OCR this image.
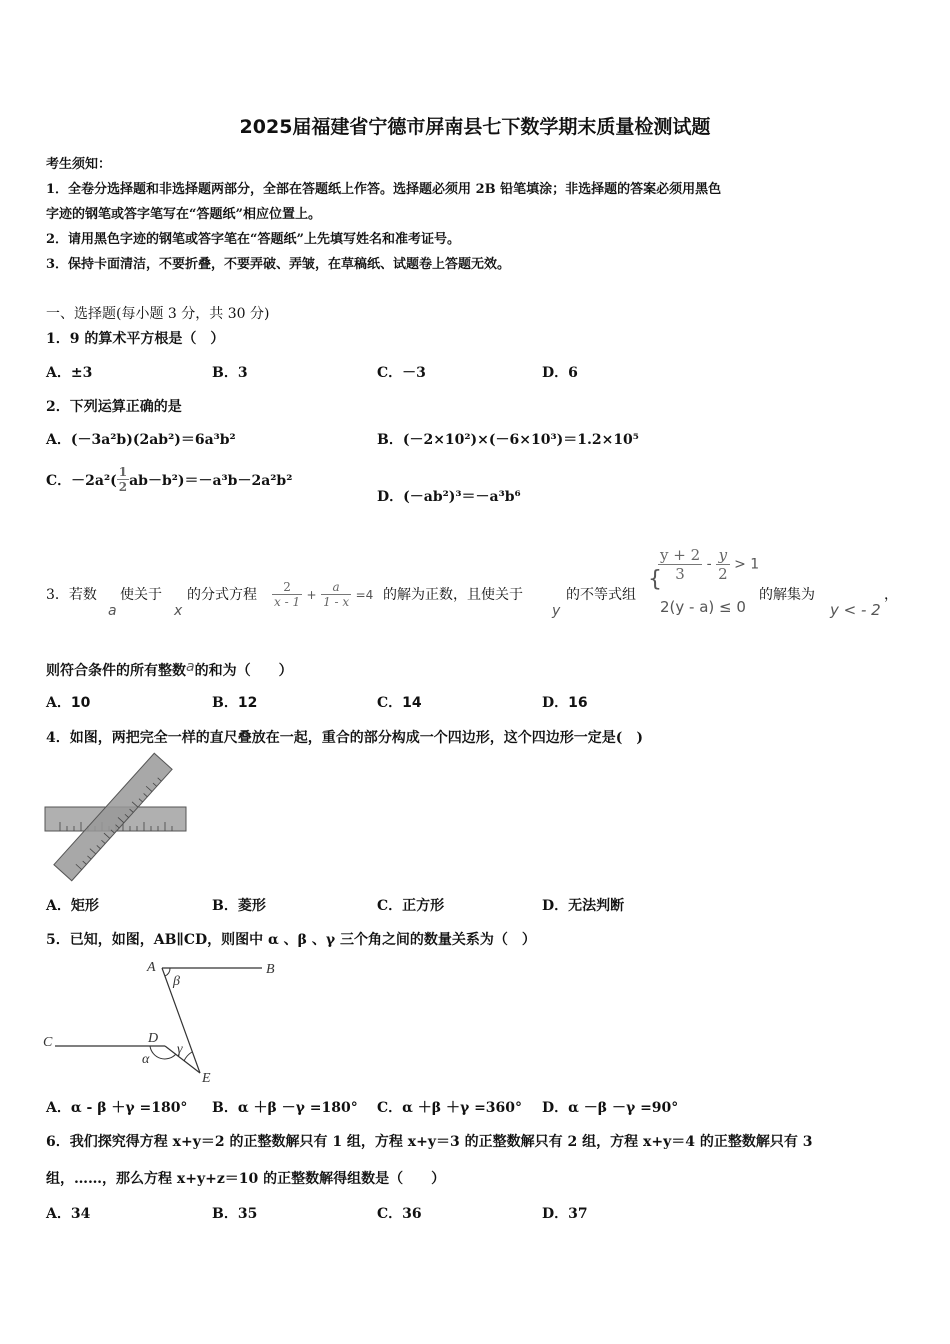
2025届福建省宁德市屏南县七下数学期末质量检测试题
考生须知：
1．全卷分选择题和非选择题两部分，全部在答题纸上作答。选择题必须用 2B 铅笔填涂；非选择题的答案必须用黑色
字迹的钢笔或答字笔写在“答题纸”相应位置上。
2．请用黑色字迹的钢笔或答字笔在“答题纸”上先填写姓名和准考证号。
3．保持卡面清洁，不要折叠，不要弄破、弄皱，在草稿纸、试题卷上答题无效。
一、选择题(每小题 3 分，共 30 分)
1．9 的算术平方根是（　）
A．±3	B．3	C．－3	D．6
2．下列运算正确的是
A．(－3a²b)(2ab²)＝6a³b²	B．(－2×10²)×(－6×10³)＝1.2×10⁵
C．$-2a^2( \frac{1}{2} ab-b^2)=-a^3b-2a^2b^2$
D．(－ab²)³＝－a³b⁶
3．若数
a
使关于
x
的分式方程 $\frac{2}{x - 1} + \frac{a}{1 - x} =4$ 的解为正数，且使关于
y
的不等式组
{
$\frac{y + 2}{3} - \frac{y}{2} > 1$
2(y - a) ≤ 0
的解集为
y < - 2
，
则符合条件的所有整数a的和为（　　）
A．10	B．12	C．14	D．16
4．如图，两把完全一样的直尺叠放在一起，重合的部分构成一个四边形，这个四边形一定是(　)
A．矩形	B．菱形	C．正方形	D．无法判断
5．已知，如图，AB∥CD，则图中 α 、β 、γ 三个角之间的数量关系为（　）
A	B
C	D
E
β
α
γ
A．α - β ＋γ =180° B．α ＋β －γ =180° C．α ＋β ＋γ =360° D．α －β －γ =90°
6．我们探究得方程 x+y＝2 的正整数解只有 1 组，方程 x+y＝3 的正整数解只有 2 组，方程 x+y＝4 的正整数解只有 3
组，……，那么方程 x+y+z＝10 的正整数解得组数是（　　）
A．34	B．35	C．36	D．37
